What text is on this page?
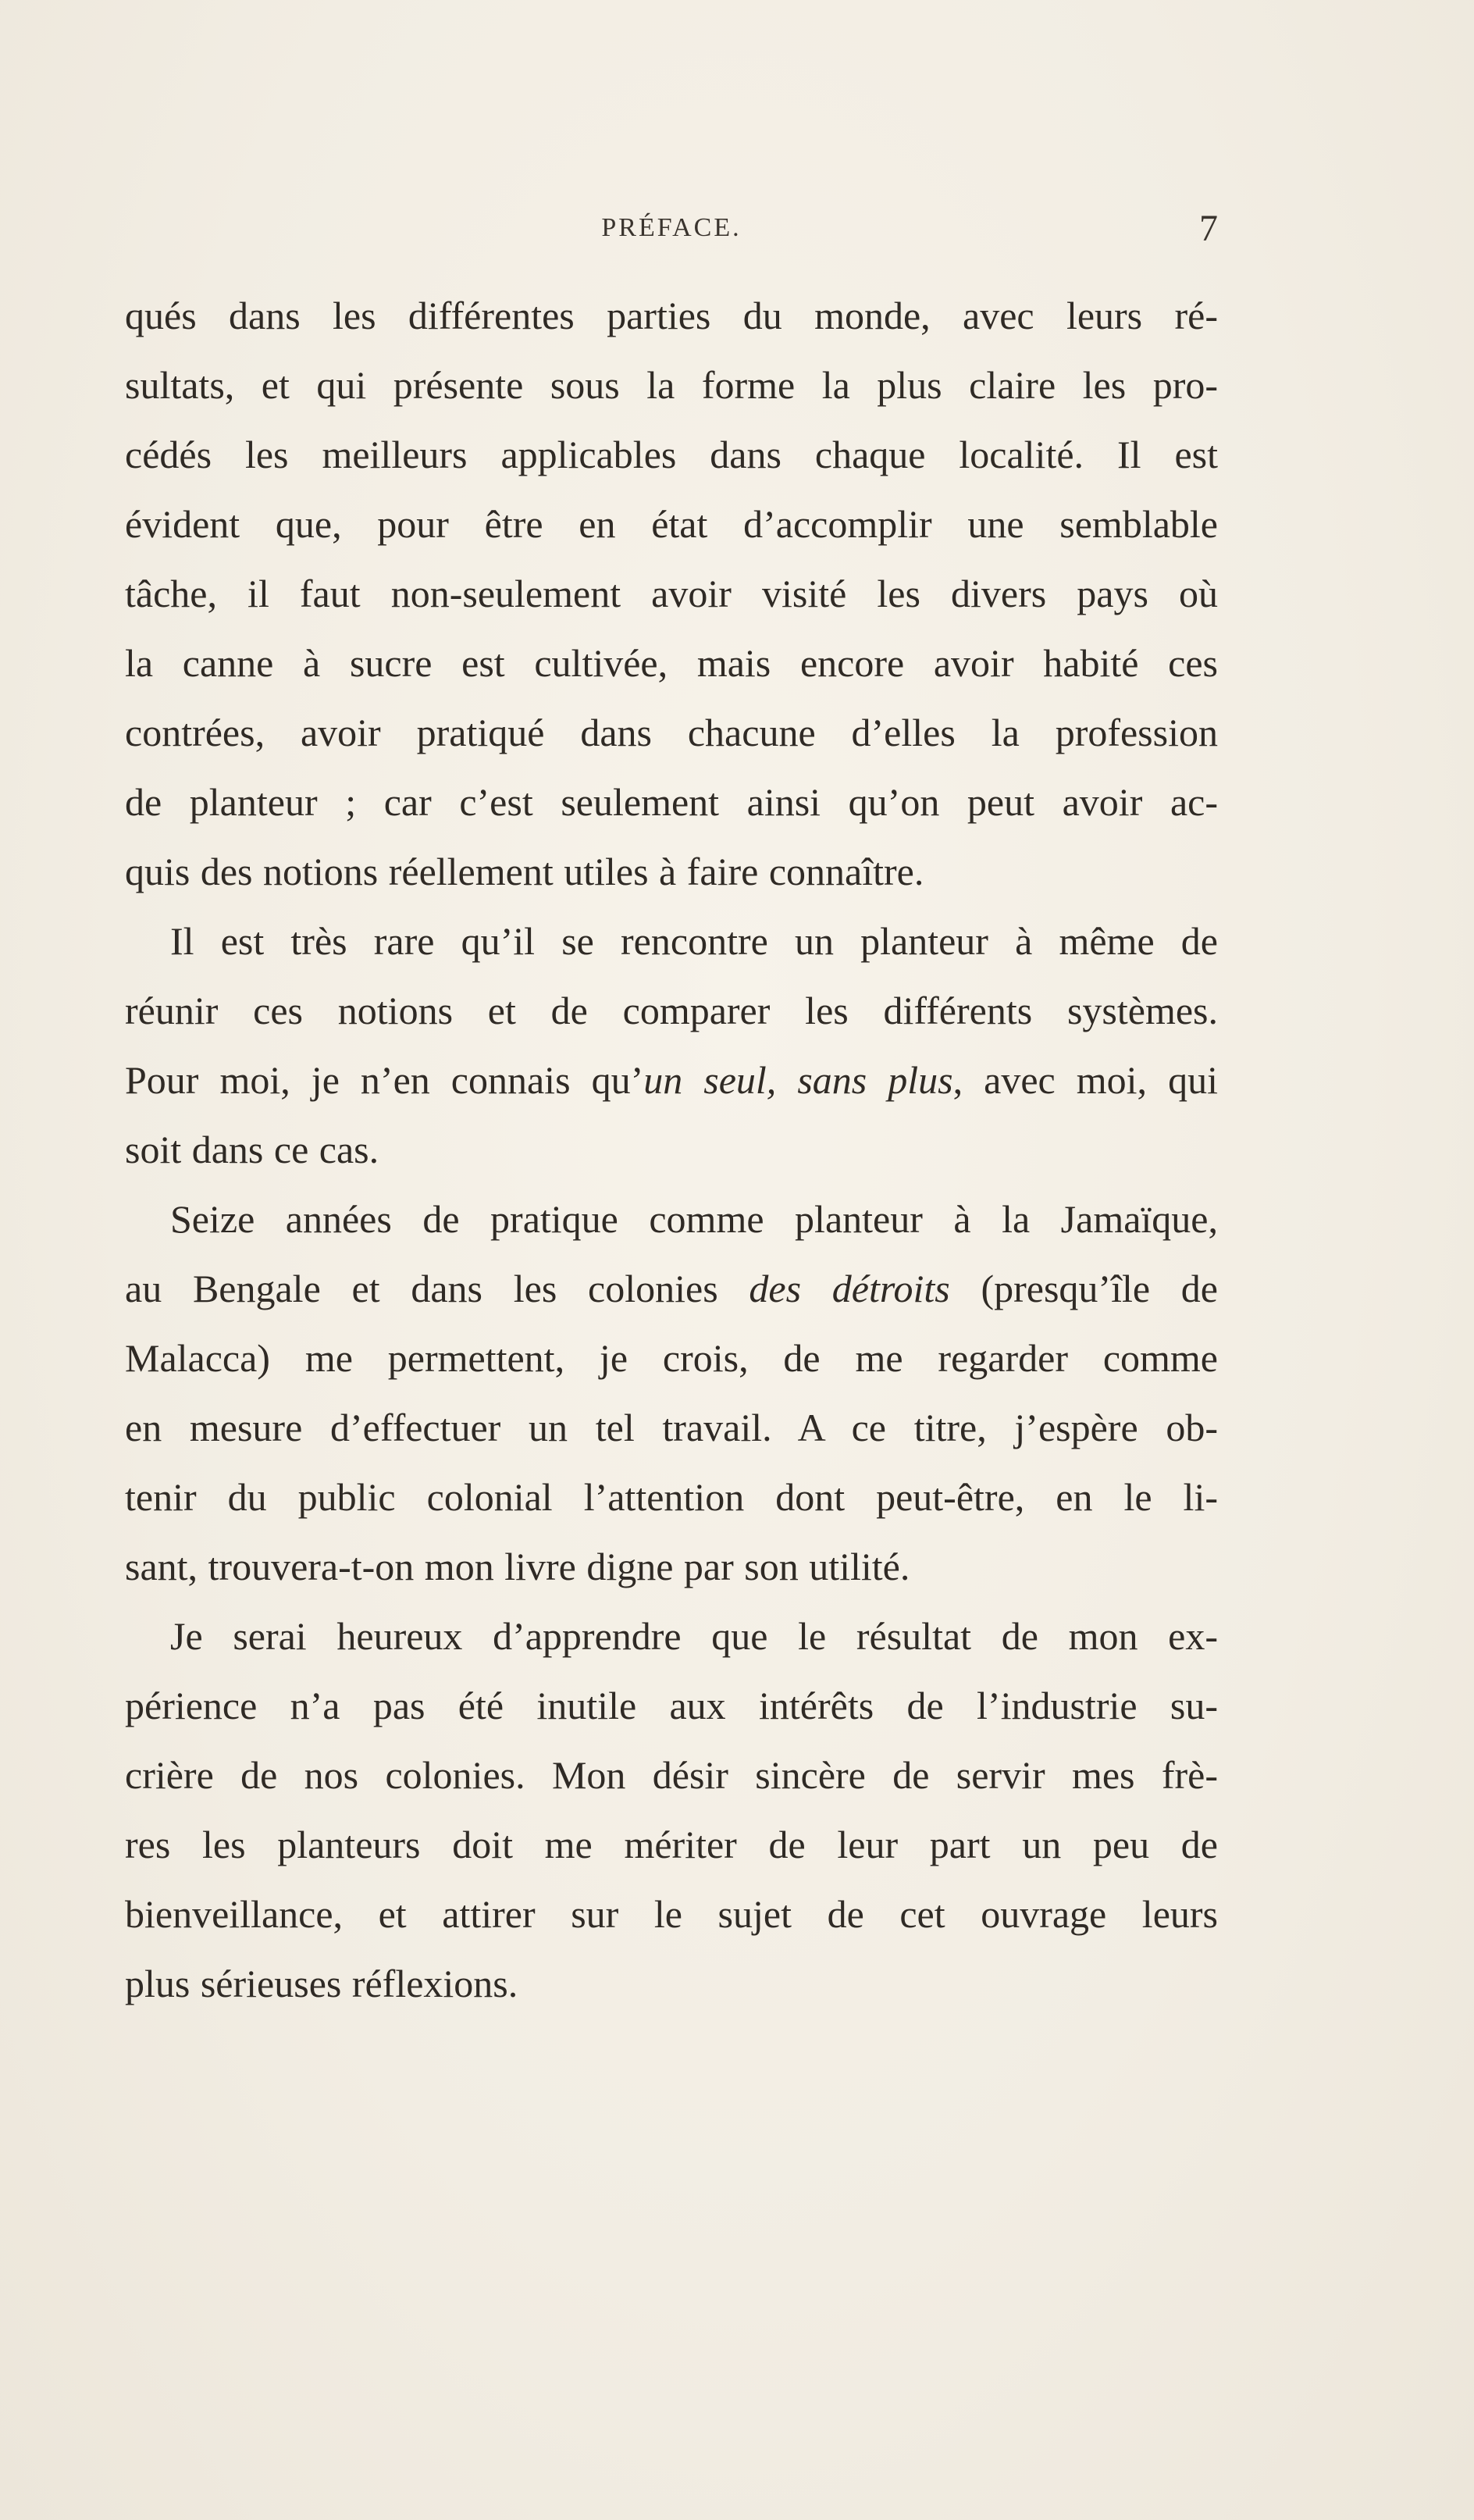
PRÉFACE.	7
qués dans les différentes parties du monde, avec leurs ré-
sultats, et qui présente sous la forme la plus claire les pro-
cédés les meilleurs applicables dans chaque localité. Il est
évident que, pour être en état d’accomplir une semblable
tâche, il faut non-seulement avoir visité les divers pays où
la canne à sucre est cultivée, mais encore avoir habité ces
contrées, avoir pratiqué dans chacune d’elles la profession
de planteur ; car c’est seulement ainsi qu’on peut avoir ac-
quis des notions réellement utiles à faire connaître.
Il est très rare qu’il se rencontre un planteur à même de
réunir ces notions et de comparer les différents systèmes.
Pour moi, je n’en connais qu’un seul, sans plus, avec moi, qui
soit dans ce cas.
Seize années de pratique comme planteur à la Jamaïque,
au Bengale et dans les colonies des détroits (presqu’île de
Malacca) me permettent, je crois, de me regarder comme
en mesure d’effectuer un tel travail. A ce titre, j’espère ob-
tenir du public colonial l’attention dont peut-être, en le li-
sant, trouvera-t-on mon livre digne par son utilité.
Je serai heureux d’apprendre que le résultat de mon ex-
périence n’a pas été inutile aux intérêts de l’industrie su-
crière de nos colonies. Mon désir sincère de servir mes frè-
res les planteurs doit me mériter de leur part un peu de
bienveillance, et attirer sur le sujet de cet ouvrage leurs
plus sérieuses réflexions.
